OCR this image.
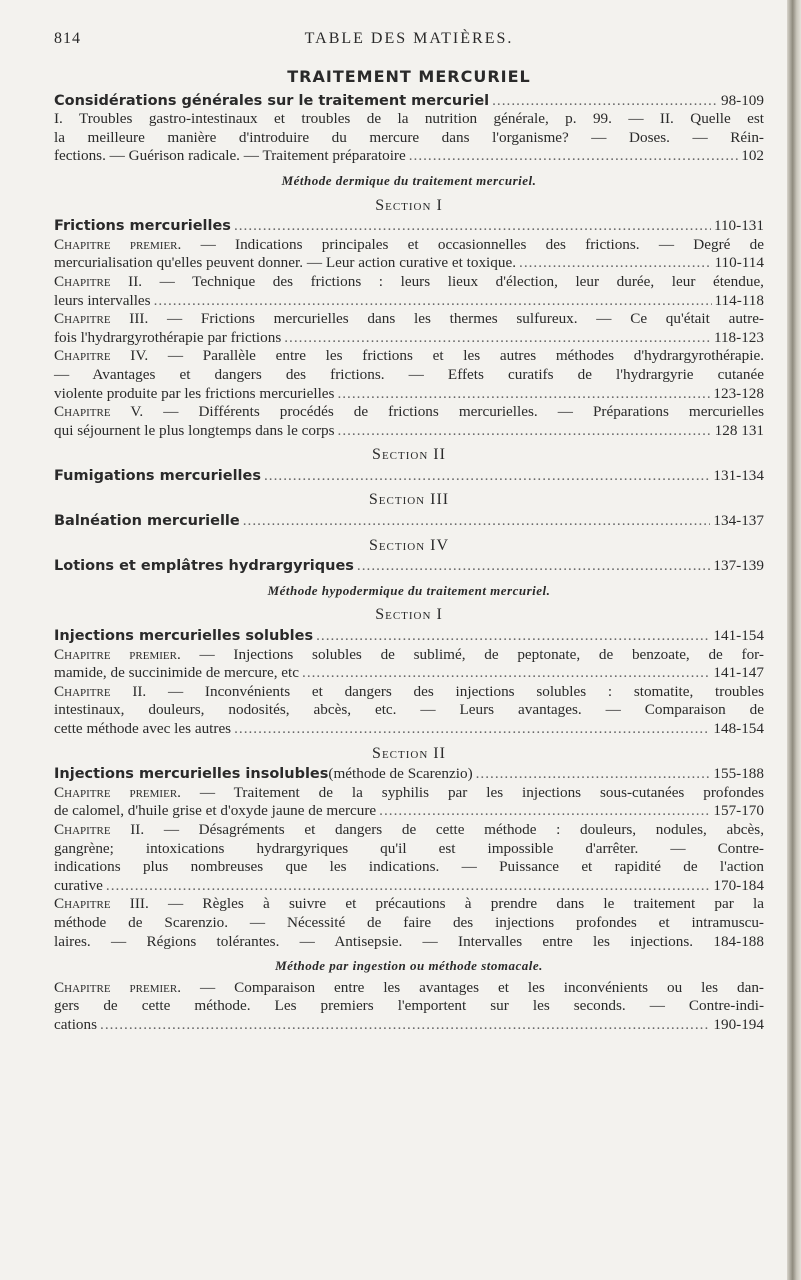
814	TABLE DES MATIÈRES.
TRAITEMENT MERCURIEL
Considérations générales sur le traitement mercuriel .....	98-109
I. Troubles gastro-intestinaux et troubles de la nutrition générale, p. 99. — II. Quelle est
la meilleure manière d'introduire du mercure dans l'organisme? — Doses. — Réin-
fections. — Guérison radicale. — Traitement préparatoire .....	102
Méthode dermique du traitement mercuriel.
Section I
Frictions mercurielles .....	110-131
Chapitre premier. — Indications principales et occasionnelles des frictions. — Degré de
mercurialisation qu'elles peuvent donner. — Leur action curative et toxique. .....	110-114
Chapitre II. — Technique des frictions : leurs lieux d'élection, leur durée, leur étendue,
leurs intervalles .....	114-118
Chapitre III. — Frictions mercurielles dans les thermes sulfureux. — Ce qu'était autre-
fois l'hydrargyrothérapie par frictions .....	118-123
Chapitre IV. — Parallèle entre les frictions et les autres méthodes d'hydrargyrothérapie.
— Avantages et dangers des frictions. — Effets curatifs de l'hydrargyrie cutanée
violente produite par les frictions mercurielles .....	123-128
Chapitre V. — Différents procédés de frictions mercurielles. — Préparations mercurielles
qui séjournent le plus longtemps dans le corps .....	128 131
Section II
Fumigations mercurielles .....	131-134
Section III
Balnéation mercurielle .....	134-137
Section IV
Lotions et emplâtres hydrargyriques .....	137-139
Méthode hypodermique du traitement mercuriel.
Section I
Injections mercurielles solubles .....	141-154
Chapitre premier. — Injections solubles de sublimé, de peptonate, de benzoate, de for-
mamide, de succinimide de mercure, etc .....	141-147
Chapitre II. — Inconvénients et dangers des injections solubles : stomatite, troubles
intestinaux, douleurs, nodosités, abcès, etc. — Leurs avantages. — Comparaison de
cette méthode avec les autres .....	148-154
Section II
Injections mercurielles insolubles (méthode de Scarenzio) .....	155-188
Chapitre premier. — Traitement de la syphilis par les injections sous-cutanées profondes
de calomel, d'huile grise et d'oxyde jaune de mercure .....	157-170
Chapitre II. — Désagréments et dangers de cette méthode : douleurs, nodules, abcès,
gangrène; intoxications hydrargyriques qu'il est impossible d'arrêter. — Contre-
indications plus nombreuses que les indications. — Puissance et rapidité de l'action
curative .....	170-184
Chapitre III. — Règles à suivre et précautions à prendre dans le traitement par la
méthode de Scarenzio. — Nécessité de faire des injections profondes et intramuscu-
laires. — Régions tolérantes. — Antisepsie. — Intervalles entre les injections. 184-188
Méthode par ingestion ou méthode stomacale.
Chapitre premier. — Comparaison entre les avantages et les inconvénients ou les dan-
gers de cette méthode. Les premiers l'emportent sur les seconds. — Contre-indi-
cations .....	190-194
